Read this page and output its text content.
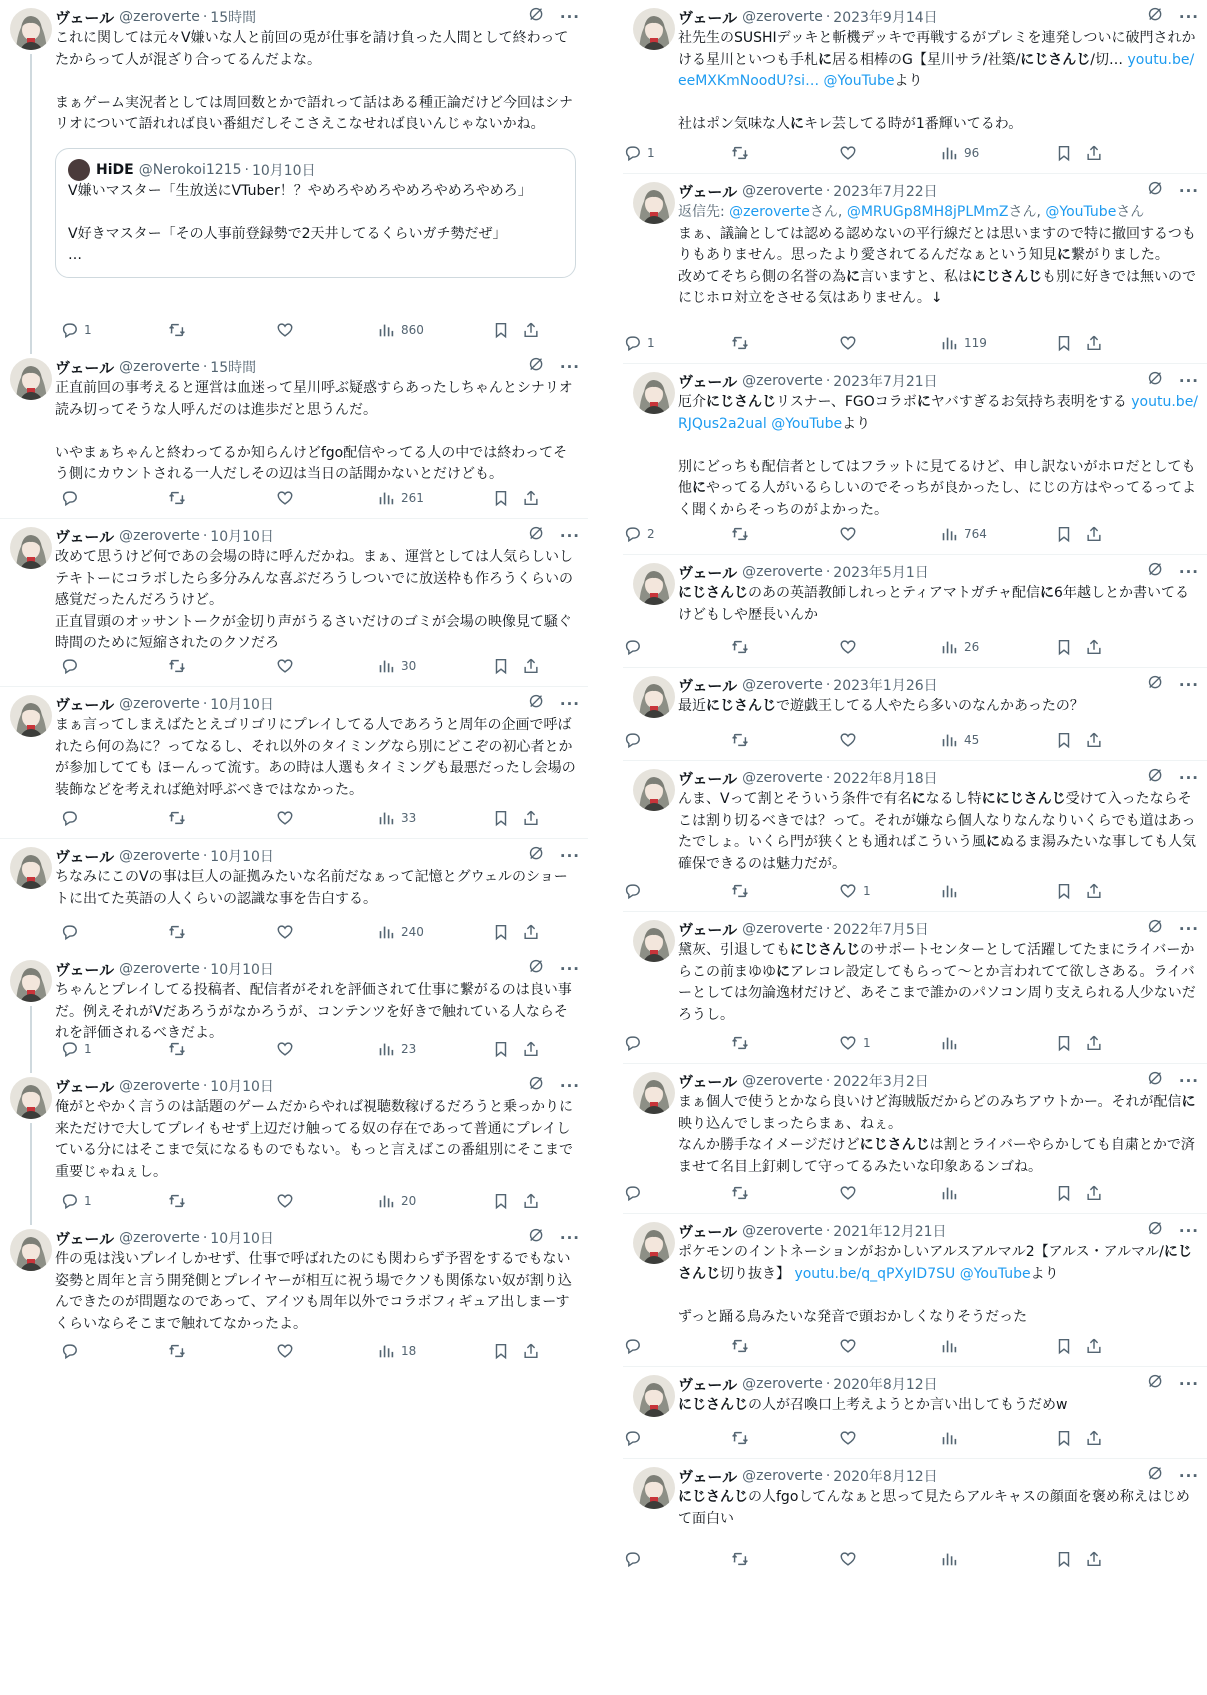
ヴェール @zeroverte · 15時間	···
これに関しては元々V嫌いな人と前回の兎が仕事を請け負った人間として終わってたからって人が混ざり合ってるんだよな。

まぁゲーム実況者としては周回数とかで語れって話はある種正論だけど今回はシナリオについて語れれば良い番組だしそこさえこなせれば良いんじゃないかね。
HiDE @Nerokoi1215 · 10月10日
V嫌いマスター「生放送にVTuber！？やめろやめろやめろやめろやめろ」

V好きマスター「その人事前登録勢で2天井してるくらいガチ勢だぜ」
…
1	860
ヴェール @zeroverte · 15時間	···
正直前回の事考えると運営は血迷って星川呼ぶ疑惑すらあったしちゃんとシナリオ読み切ってそうな人呼んだのは進歩だと思うんだ。

いやまぁちゃんと終わってるか知らんけどfgo配信やってる人の中では終わってそう側にカウントされる一人だしその辺は当日の話聞かないとだけども。
261
ヴェール @zeroverte · 10月10日	···
改めて思うけど何であの会場の時に呼んだかね。まぁ、運営としては人気らしいしテキトーにコラボしたら多分みんな喜ぶだろうしついでに放送枠も作ろうくらいの感覚だったんだろうけど。
正直冒頭のオッサントークが金切り声がうるさいだけのゴミが会場の映像見て騒ぐ時間のために短縮されたのクソだろ
30
ヴェール @zeroverte · 10月10日	···
まぁ言ってしまえばたとえゴリゴリにプレイしてる人であろうと周年の企画で呼ばれたら何の為に？ってなるし、それ以外のタイミングなら別にどこぞの初心者とかが参加してても ほーんって流す。あの時は人選もタイミングも最悪だったし会場の装飾などを考えれば絶対呼ぶべきではなかった。
33
ヴェール @zeroverte · 10月10日	···
ちなみにこのVの事は巨人の証拠みたいな名前だなぁって記憶とグウェルのショートに出てた英語の人くらいの認識な事を告白する。
240
ヴェール @zeroverte · 10月10日	···
ちゃんとプレイしてる投稿者、配信者がそれを評価されて仕事に繋がるのは良い事だ。例えそれがVだあろうがなかろうが、コンテンツを好きで触れている人ならそれを評価されるべきだよ。
1	23
ヴェール @zeroverte · 10月10日	···
俺がとやかく言うのは話題のゲームだからやれば視聴数稼げるだろうと乗っかりに来ただけで大してプレイもせず上辺だけ触ってる奴の存在であって普通にプレイしている分にはそこまで気になるものでもない。もっと言えばこの番組別にそこまで重要じゃねぇし。
1	20
ヴェール @zeroverte · 10月10日	···
件の兎は浅いプレイしかせず、仕事で呼ばれたのにも関わらず予習をするでもない姿勢と周年と言う開発側とプレイヤーが相互に祝う場でクソも関係ない奴が割り込んできたのが問題なのであって、アイツも周年以外でコラボフィギュア出しまーすくらいならそこまで触れてなかったよ。
18
ヴェール @zeroverte · 2023年9月14日	···
社先生のSUSHIデッキと斬機デッキで再戦するがプレミを連発しついに破門されかける星川といつも手札に居る相棒のG【星川サラ/社築/にじさんじ/切… youtu.be/eeMXKmNoodU?si… @YouTubeより

社はポン気味な人にキレ芸してる時が1番輝いてるわ。
1	96
ヴェール @zeroverte · 2023年7月22日	···
返信先: @zeroverteさん, @MRUGp8MH8jPLMmZさん, @YouTubeさん
まぁ、議論としては認める認めないの平行線だとは思いますので特に撤回するつもりもありません。思ったより愛されてるんだなぁという知見に繋がりました。
改めてそちら側の名誉の為に言いますと、私はにじさんじも別に好きでは無いのでにじホロ対立をさせる気はありません。↓
1	119
ヴェール @zeroverte · 2023年7月21日	···
厄介にじさんじリスナー、FGOコラボにヤバすぎるお気持ち表明をする youtu.be/RJQus2a2ual @YouTubeより

別にどっちも配信者としてはフラットに見てるけど、申し訳ないがホロだとしても他にやってる人がいるらしいのでそっちが良かったし、にじの方はやってるってよく聞くからそっちのがよかった。
2	764
ヴェール @zeroverte · 2023年5月1日	···
にじさんじのあの英語教師しれっとティアマトガチャ配信に6年越しとか書いてるけどもしや歴長いんか
26
ヴェール @zeroverte · 2023年1月26日	···
最近にじさんじで遊戯王してる人やたら多いのなんかあったの？
45
ヴェール @zeroverte · 2022年8月18日	···
んま、Vって割とそういう条件で有名になるし特ににじさんじ受けて入ったならそこは割り切るべきでは？って。それが嫌なら個人なりなんなりいくらでも道はあったでしょ。いくら門が狭くとも通ればこういう風にぬるま湯みたいな事しても人気確保できるのは魅力だが。
1
ヴェール @zeroverte · 2022年7月5日	···
黛灰、引退してもにじさんじのサポートセンターとして活躍してたまにライバーからこの前まゆゆにアレコレ設定してもらって〜とか言われてて欲しさある。ライバーとしては勿論逸材だけど、あそこまで誰かのパソコン周り支えられる人少ないだろうし。
1
ヴェール @zeroverte · 2022年3月2日	···
まぁ個人で使うとかなら良いけど海賊版だからどのみちアウトかー。それが配信に映り込んでしまったらまぁ、ねぇ。
なんか勝手なイメージだけどにじさんじは割とライバーやらかしても自粛とかで済ませて名目上釘刺して守ってるみたいな印象あるンゴね。
ヴェール @zeroverte · 2021年12月21日	···
ポケモンのイントネーションがおかしいアルスアルマル2【アルス・アルマル/にじさんじ切り抜き】 youtu.be/q_qPXyID7SU @YouTubeより

ずっと踊る鳥みたいな発音で頭おかしくなりそうだった
ヴェール @zeroverte · 2020年8月12日	···
にじさんじの人が召喚口上考えようとか言い出してもうだめw
ヴェール @zeroverte · 2020年8月12日	···
にじさんじの人fgoしてんなぁと思って見たらアルキャスの顔面を褒め称えはじめて面白い
